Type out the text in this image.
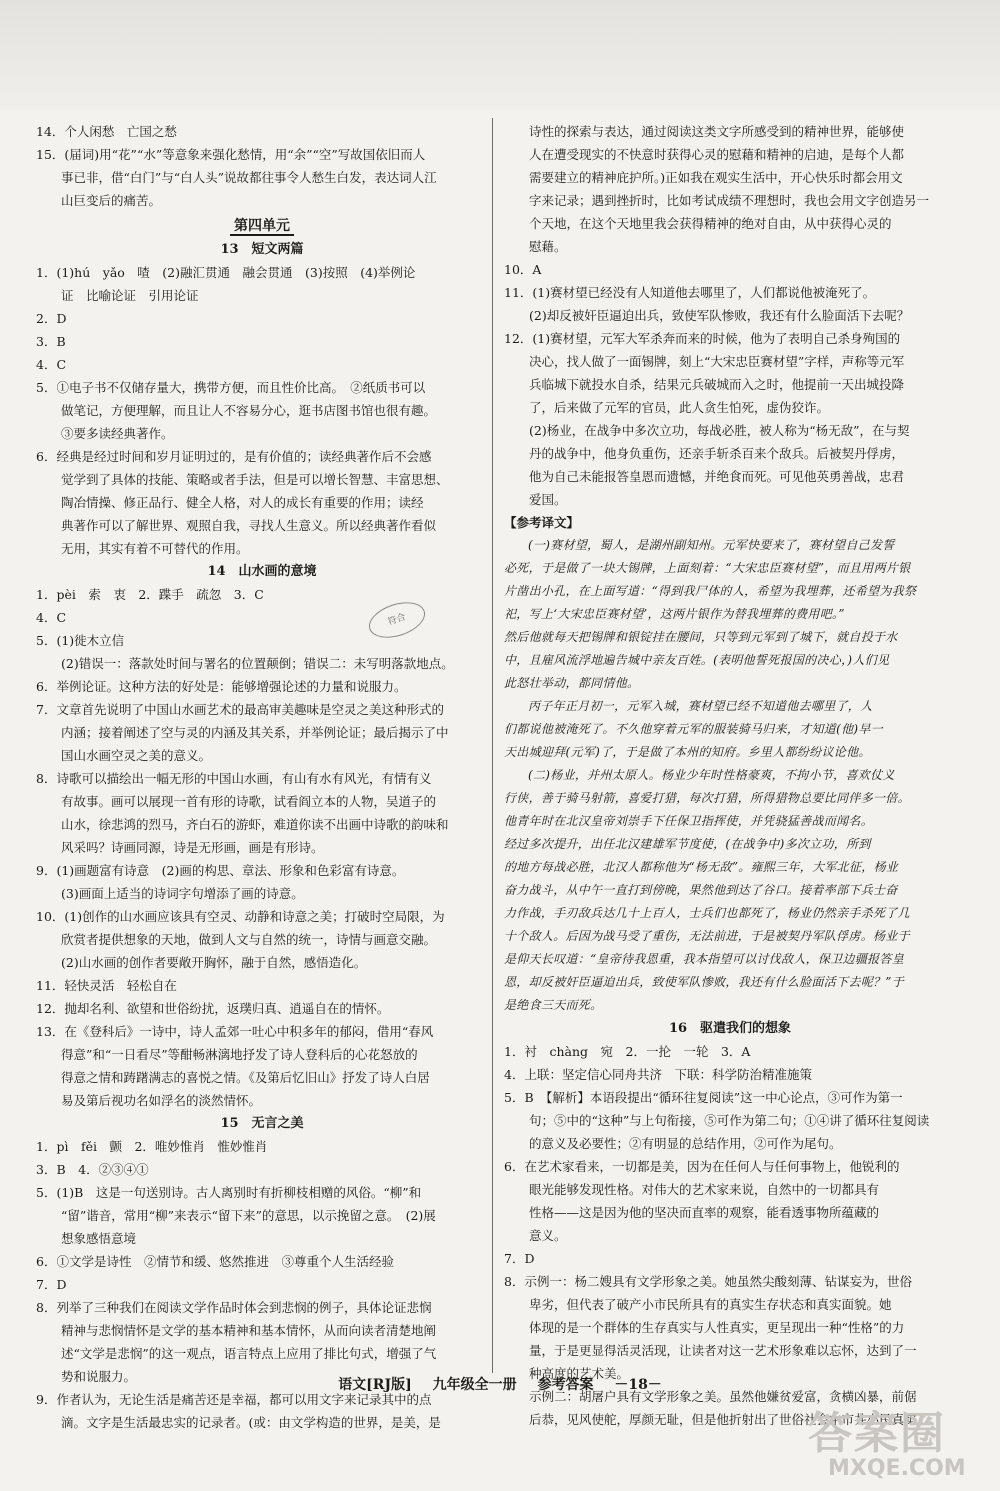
14．个人闲愁　亡国之愁

15．(届词)用“花”“水”等意象来强化愁情，用“余”“空”写故国依旧而人

事已非，借“白门”与“白人头”说故都往事令人愁生白发，表达词人江

山巨变后的痛苦。

第四单元

13　短文两篇

1．(1)hú　yǎo　喳　(2)融汇贯通　融会贯通　(3)按照　(4)举例论

证　比喻论证　引用论证

2．D

3．B

4．C

5．①电子书不仅储存量大，携带方便，而且性价比高。　②纸质书可以

做笔记，方便理解，而且让人不容易分心，逛书店图书馆也很有趣。

③要多读经典著作。

6．经典是经过时间和岁月证明过的，是有价值的；读经典著作后不会感

觉学到了具体的技能、策略或者手法，但是可以增长智慧、丰富思想、

陶冶情操、修正品行、健全人格，对人的成长有重要的作用；读经

典著作可以了解世界、观照自我，寻找人生意义。所以经典著作看似

无用，其实有着不可替代的作用。

14　山水画的意境

1．pèi　索　衷　2．蹀手　疏忽　3．C

4．C

5．(1)徙木立信

(2)错误一：落款处时间与署名的位置颠倒；错误二：未写明落款地点。

6．举例论证。这种方法的好处是：能够增强论述的力量和说服力。

7．文章首先说明了中国山水画艺术的最高审美趣味是空灵之美这种形式的

内涵；接着阐述了空与灵的内涵及其关系，并举例论证；最后揭示了中

国山水画空灵之美的意义。

8．诗歌可以描绘出一幅无形的中国山水画，有山有水有风光，有情有义

有故事。画可以展现一首有形的诗歌，试看阎立本的人物，吴道子的

山水，徐悲鸿的烈马，齐白石的游虾，难道你读不出画中诗歌的韵味和

风采吗？诗画同源，诗是无形画，画是有形诗。

9．(1)画题富有诗意　(2)画的构思、章法、形象和色彩富有诗意。

(3)画面上适当的诗词字句增添了画的诗意。

10．(1)创作的山水画应该具有空灵、动静和诗意之美；打破时空局限，为

欣赏者提供想象的天地，做到人文与自然的统一，诗情与画意交融。

(2)山水画的创作者要敞开胸怀，融于自然，感悟造化。

11．轻快灵活　轻松自在

12．抛却名利、欲望和世俗纷扰，返璞归真、逍遥自在的情怀。

13．在《登科后》一诗中，诗人孟郊一吐心中积多年的郁闷，借用“春风

得意”和“一日看尽”等酣畅淋漓地抒发了诗人登科后的心花怒放的

得意之情和踌躇满志的喜悦之情。《及第后忆旧山》抒发了诗人白居

易及第后视功名如浮名的淡然情怀。

15　无言之美

1．pì　fěi　颤　2．唯妙惟肖　惟妙惟肖

3．B　4．②③④①

5．(1)B　这是一句送别诗。古人离别时有折柳枝相赠的风俗。“柳”和

“留”谐音，常用“柳”来表示“留下来”的意思，以示挽留之意。　(2)展

想象感悟意境

6．①文学是诗性　②情节和缓、悠然推进　③尊重个人生活经验

7．D

8．列举了三种我们在阅读文学作品时体会到悲悯的例子，具体论证悲悯

精神与悲悯情怀是文学的基本精神和基本情怀，从而向读者清楚地阐

述“文学是悲悯”的这一观点，语言特点上应用了排比句式，增强了气

势和说服力。

9．作者认为，无论生活是痛苦还是幸福，都可以用文字来记录其中的点

滴。文字是生活最忠实的记录者。(或：由文学构造的世界，是美，是

诗性的探索与表达，通过阅读这类文字所感受到的精神世界，能够使

人在遭受现实的不快意时获得心灵的慰藉和精神的启迪，是每个人都

需要建立的精神庇护所。)正如我在观实生活中，开心快乐时都会用文

字来记录；遇到挫折时，比如考试成绩不理想时，我也会用文字创造另一

个天地，在这个天地里我会获得精神的绝对自由，从中获得心灵的

慰藉。

10．A

11．(1)赛材望已经没有人知道他去哪里了，人们都说他被淹死了。

(2)却反被奸臣逼迫出兵，致使军队惨败，我还有什么脸面活下去呢？

12．(1)赛材望，元军大军杀奔而来的时候，他为了表明自己杀身殉国的

决心，找人做了一面锡牌，刻上“大宋忠臣赛材望”字样，声称等元军

兵临城下就投水自杀，结果元兵破城而入之时，他提前一天出城投降

了，后来做了元军的官员，此人贪生怕死，虚伪狡诈。

(2)杨业，在战争中多次立功，每战必胜，被人称为“杨无敌”，在与契

丹的战争中，他身负重伤，还亲手斩杀百来个敌兵。后被契丹俘虏，

他为自己未能报答皇恩而遗憾，并绝食而死。可见他英勇善战，忠君

爱国。

【参考译文】

(一)赛材望，蜀人，是湖州副知州。元军快要来了，赛材望自己发誓

必死，于是做了一块大锡牌，上面刻着：“大宋忠臣赛材望”，而且用两片银

片凿出小孔，在上面写道：“得到我尸体的人，希望为我埋葬，还希望为我祭

祀，写上‘大宋忠臣赛材望’，这两片银作为替我埋葬的费用吧。”

然后他就每天把锡牌和银锭挂在腰间，只等到元军到了城下，就自投于水

中，且雇风流浮地遍告城中亲友百姓。(表明他誓死报国的决心，)人们见

此怒壮举动，都同情他。

丙子年正月初一，元军入城，赛材望已经不知道他去哪里了，人

们都说他被淹死了。不久他穿着元军的服装骑马归来，才知道(他)早一

天出城迎拜(元军)了，于是做了本州的知府。乡里人都纷纷议论他。

(二)杨业，并州太原人。杨业少年时性格豪爽，不拘小节，喜欢仗义

行侠，善于骑马射箭，喜爱打猎，每次打猎，所得猎物总要比同伴多一倍。

他青年时在北汉皇帝刘崇手下任保卫指挥使，并凭骁猛善战而闻名。

经过多次提升，出任北汉建雄军节度使，(在战争中)多次立功，所到

的地方每战必胜，北汉人都称他为“杨无敌”。雍熙三年，大军北征，杨业

奋力战斗，从中午一直打到傍晚，果然他到达了谷口。接着率部下兵士奋

力作战，手刃敌兵达几十上百人，士兵们也都死了，杨业仍然亲手杀死了几

十个敌人。后因为战马受了重伤，无法前进，于是被契丹军队俘虏。杨业于

是仰天长叹道：“皇帝待我恩重，我本指望可以讨伐敌人，保卫边疆报答皇

恩，却反被奸臣逼迫出兵，致使军队惨败，我还有什么脸面活下去呢？”于

是绝食三天而死。

16　驱遣我们的想象

1．衬　chàng　宛　2．一抡　一轮　3．A

4．上联：坚定信心同舟共济　下联：科学防治精准施策

5．B　【解析】本语段提出“循环往复阅读”这一中心论点，③可作为第一

句；⑤中的“这种”与上句衔接，⑤可作为第二句；①④讲了循环往复阅读

的意义及必要性；②有明显的总结作用，②可作为尾句。

6．在艺术家看来，一切都是美，因为在任何人与任何事物上，他锐利的

眼光能够发现性格。对伟大的艺术家来说，自然中的一切都具有

性格——这是因为他的坚决而直率的观察，能看透事物所蕴藏的

意义。

7．D

8．示例一：杨二嫂具有文学形象之美。她虽然尖酸刻薄、钻谋妄为，世俗

卑劣，但代表了破产小市民所具有的真实生存状态和真实面貌。她

体现的是一个群体的生存真实与人性真实，更呈现出一种“性格”的力

量，于是更显得活灵活现，让读者对这一艺术形象难以忘怀，达到了一

种高度的艺术美。

示例二：胡屠户具有文学形象之美。虽然他嫌贫爱富，贪横凶暴，前倨

后恭，见风使舵，厚颜无耻，但是他折射出了世俗社会中市井小民真实

符合
语文[RJ版] 九年级全一册 参考答案 －18－
答案圈
MXQE.COM
